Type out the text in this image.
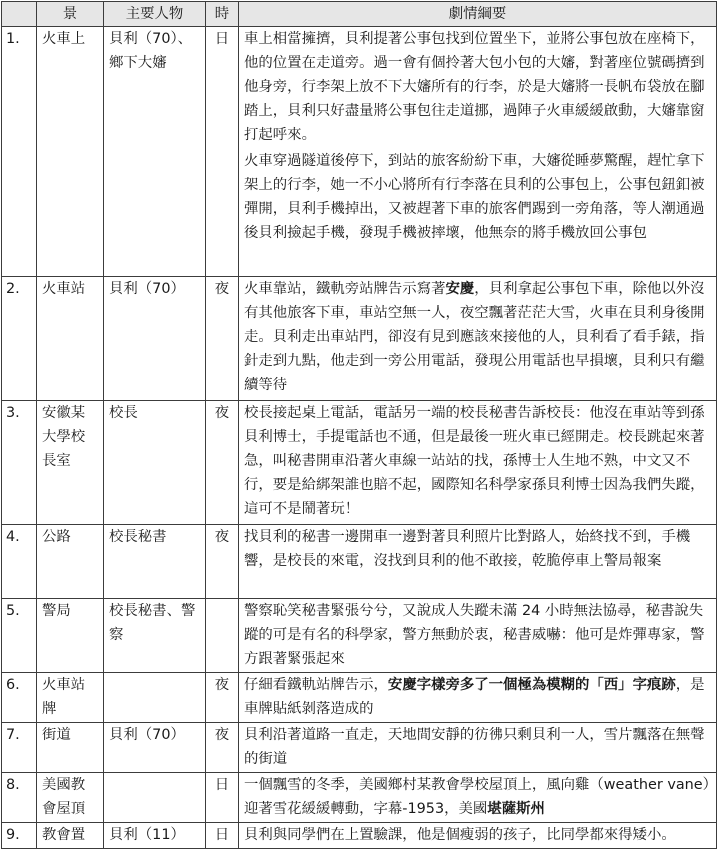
	景	主要人物	時	劇情綱要
1.	火車上	貝利（70）、鄉下大嬸	日	車上相當擁擠，貝利提著公事包找到位置坐下，並將公事包放在座椅下，他的位置在走道旁。過一會有個拎著大包小包的大嬸，對著座位號碼擠到他身旁，行李架上放不下大嬸所有的行李，於是大嬸將一長帆布袋放在腳踏上，貝利只好盡量將公事包往走道挪，過陣子火車緩緩啟動，大嬸靠窗打起呼來。
火車穿過隧道後停下，到站的旅客紛紛下車，大嬸從睡夢驚醒，趕忙拿下架上的行李，她一不小心將所有行李落在貝利的公事包上，公事包鈕釦被彈開，貝利手機掉出，又被趕著下車的旅客們踢到一旁角落，等人潮通過後貝利撿起手機，發現手機被摔壞，他無奈的將手機放回公事包

2.	火車站	貝利（70）	夜	火車靠站，鐵軌旁站牌告示寫著安慶，貝利拿起公事包下車，除他以外沒有其他旅客下車，車站空無一人，夜空飄著茫茫大雪，火車在貝利身後開走。貝利走出車站門，卻沒有見到應該來接他的人，貝利看了看手錶，指針走到九點，他走到一旁公用電話，發現公用電話也早損壞，貝利只有繼續等待

3.	安徽某大學校長室	校長	夜	校長接起桌上電話，電話另一端的校長秘書告訴校長：他沒在車站等到孫貝利博士，手提電話也不通，但是最後一班火車已經開走。校長跳起來著急，叫秘書開車沿著火車線一站站的找，孫博士人生地不熟，中文又不行，要是給綁架誰也賠不起，國際知名科學家孫貝利博士因為我們失蹤，這可不是鬧著玩！

4.	公路	校長秘書	夜	找貝利的秘書一邊開車一邊對著貝利照片比對路人，始終找不到，手機響，是校長的來電，沒找到貝利的他不敢接，乾脆停車上警局報案

5.	警局	校長秘書、警察		警察恥笑秘書緊張兮兮，又說成人失蹤未滿 24 小時無法協尋，秘書說失蹤的可是有名的科學家，警方無動於衷，秘書威嚇：他可是炸彈專家，警方跟著緊張起來

6.	火車站牌		夜	仔細看鐵軌站牌告示，安慶字樣旁多了一個極為模糊的「西」字痕跡，是車牌貼紙剝落造成的

7.	街道	貝利（70）	夜	貝利沿著道路一直走，天地間安靜的彷彿只剩貝利一人，雪片飄落在無聲的街道

8.	美國教會屋頂		日	一個飄雪的冬季，美國鄉村某教會學校屋頂上，風向雞（weather vane）迎著雪花緩緩轉動，字幕-1953，美國堪薩斯州

9.	教會置	貝利（11）	日	貝利與同學們在上置驗課，他是個瘦弱的孩子，比同學都來得矮小。
